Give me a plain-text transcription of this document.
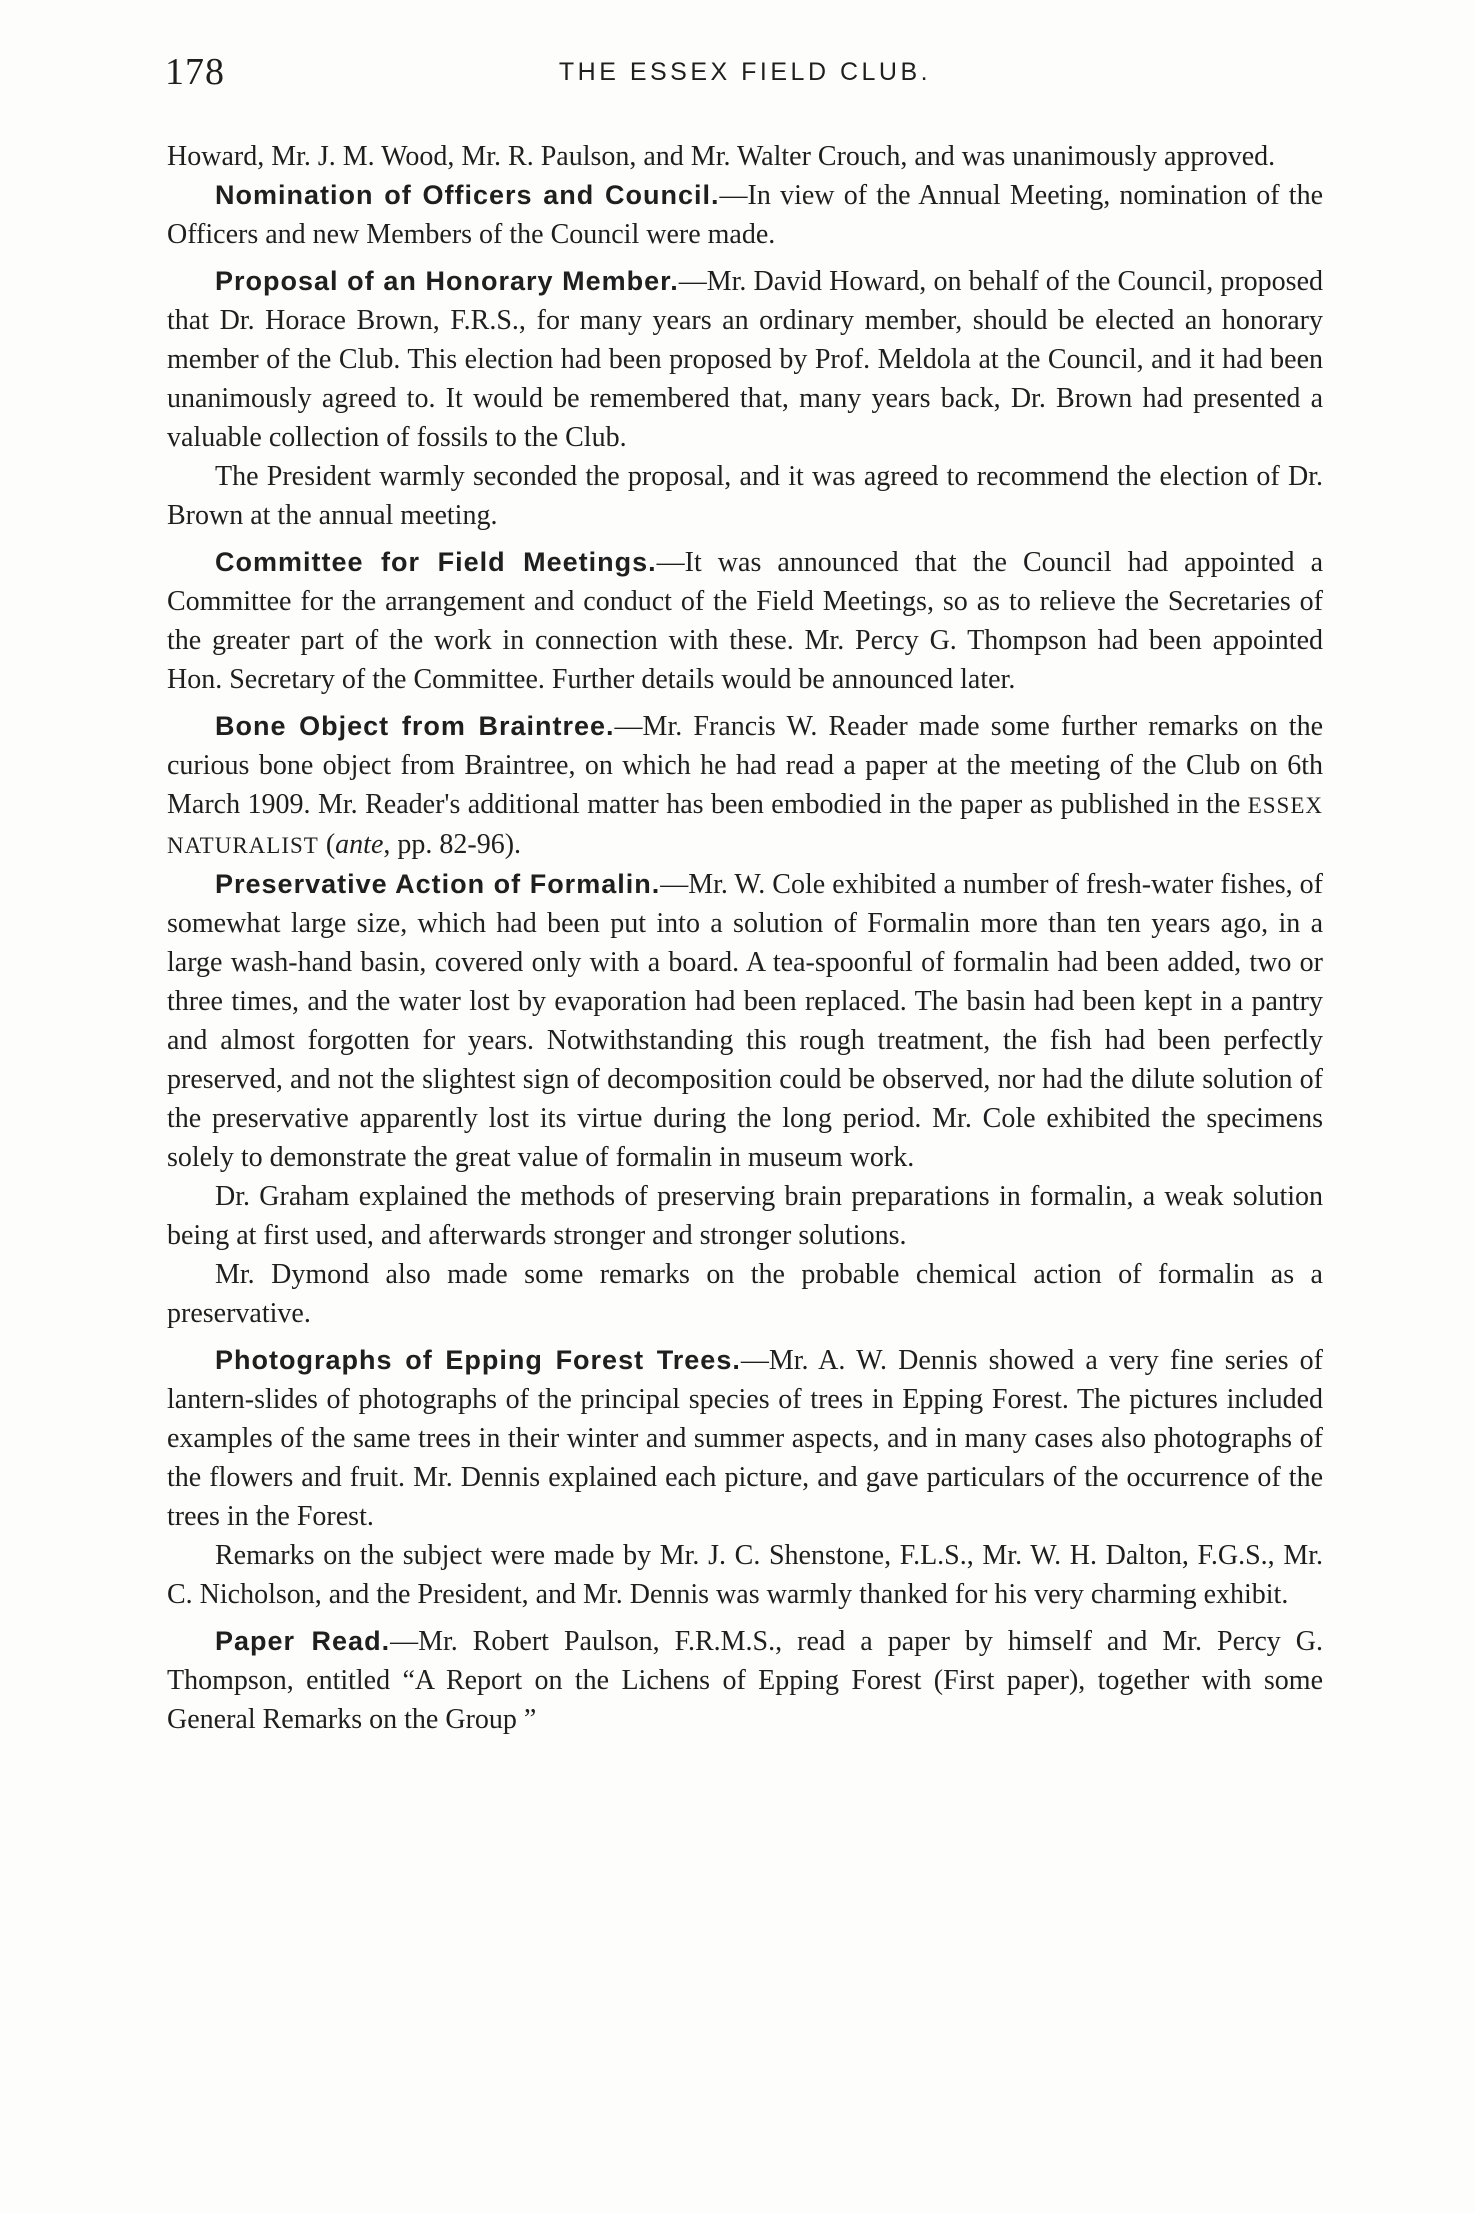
178	THE ESSEX FIELD CLUB.

Howard, Mr. J. M. Wood, Mr. R. Paulson, and Mr. Walter Crouch, and was unanimously approved.

Nomination of Officers and Council.—In view of the Annual Meeting, nomination of the Officers and new Members of the Council were made.

Proposal of an Honorary Member.—Mr. David Howard, on behalf of the Council, proposed that Dr. Horace Brown, F.R.S., for many years an ordinary member, should be elected an honorary member of the Club. This election had been proposed by Prof. Meldola at the Council, and it had been unanimously agreed to. It would be remembered that, many years back, Dr. Brown had presented a valuable collection of fossils to the Club.

The President warmly seconded the proposal, and it was agreed to recommend the election of Dr. Brown at the annual meeting.

Committee for Field Meetings.—It was announced that the Council had appointed a Committee for the arrangement and conduct of the Field Meetings, so as to relieve the Secretaries of the greater part of the work in connection with these. Mr. Percy G. Thompson had been appointed Hon. Secretary of the Committee. Further details would be announced later.

Bone Object from Braintree.—Mr. Francis W. Reader made some further remarks on the curious bone object from Braintree, on which he had read a paper at the meeting of the Club on 6th March 1909. Mr. Reader's additional matter has been embodied in the paper as published in the ESSEX NATURALIST (ante, pp. 82-96).

Preservative Action of Formalin.—Mr. W. Cole exhibited a number of fresh-water fishes, of somewhat large size, which had been put into a solution of Formalin more than ten years ago, in a large wash-hand basin, covered only with a board. A tea-spoonful of formalin had been added, two or three times, and the water lost by evaporation had been replaced. The basin had been kept in a pantry and almost forgotten for years. Notwithstanding this rough treatment, the fish had been perfectly preserved, and not the slightest sign of decomposition could be observed, nor had the dilute solution of the preservative apparently lost its virtue during the long period. Mr. Cole exhibited the specimens solely to demonstrate the great value of formalin in museum work.

Dr. Graham explained the methods of preserving brain preparations in formalin, a weak solution being at first used, and afterwards stronger and stronger solutions.

Mr. Dymond also made some remarks on the probable chemical action of formalin as a preservative.

Photographs of Epping Forest Trees.—Mr. A. W. Dennis showed a very fine series of lantern-slides of photographs of the principal species of trees in Epping Forest. The pictures included examples of the same trees in their winter and summer aspects, and in many cases also photographs of the flowers and fruit. Mr. Dennis explained each picture, and gave particulars of the occurrence of the trees in the Forest.

Remarks on the subject were made by Mr. J. C. Shenstone, F.L.S., Mr. W. H. Dalton, F.G.S., Mr. C. Nicholson, and the President, and Mr. Dennis was warmly thanked for his very charming exhibit.

Paper Read.—Mr. Robert Paulson, F.R.M.S., read a paper by himself and Mr. Percy G. Thompson, entitled “A Report on the Lichens of Epping Forest (First paper), together with some General Remarks on the Group ”
